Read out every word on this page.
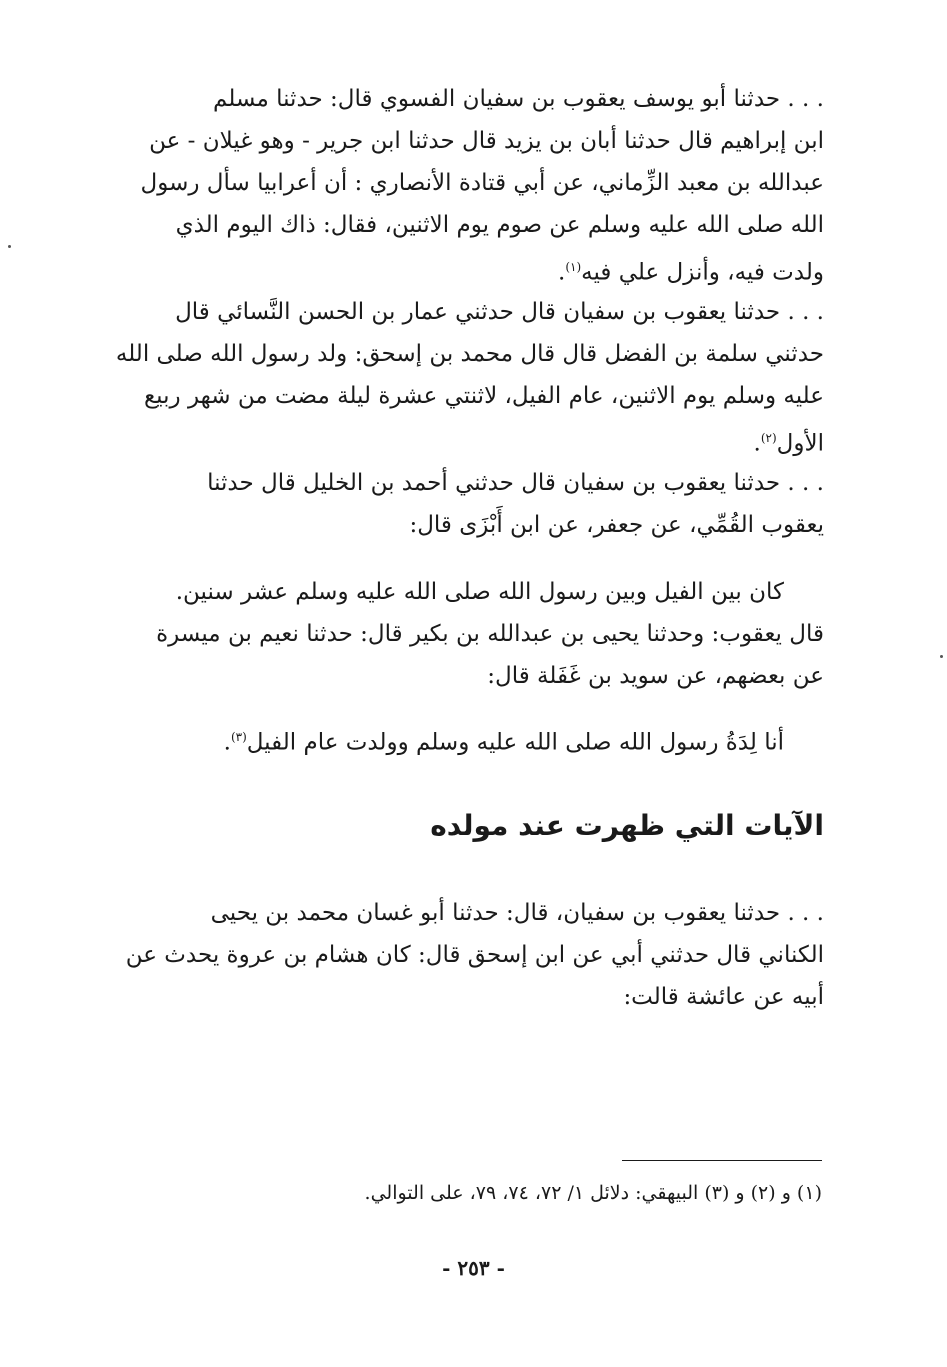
. . . حدثنا أبو يوسف يعقوب بن سفيان الفسوي قال: حدثنا مسلم
ابن إبراهيم قال حدثنا أبان بن يزيد قال حدثنا ابن جرير - وهو غيلان - عن
عبدالله بن معبد الزِّماني، عن أبي قتادة الأنصاري : أن أعرابيا سأل رسول
الله صلى الله عليه وسلم عن صوم يوم الاثنين، فقال: ذاك اليوم الذي
ولدت فيه، وأنزل علي فيه$^{(١)}$.
. . . حدثنا يعقوب بن سفيان قال حدثني عمار بن الحسن النَّسائي قال
حدثني سلمة بن الفضل قال قال محمد بن إسحق: ولد رسول الله صلى الله
عليه وسلم يوم الاثنين، عام الفيل، لاثنتي عشرة ليلة مضت من شهر ربيع
الأول$^{(٢)}$.
. . . حدثنا يعقوب بن سفيان قال حدثني أحمد بن الخليل قال حدثنا
يعقوب القُمِّي، عن جعفر، عن ابن أَبْزَى قال:
كان بين الفيل وبين رسول الله صلى الله عليه وسلم عشر سنين.
قال يعقوب: وحدثنا يحيى بن عبدالله بن بكير قال: حدثنا نعيم بن ميسرة
عن بعضهم، عن سويد بن غَفَلة قال:
أنا لِدَةُ رسول الله صلى الله عليه وسلم وولدت عام الفيل$^{(٣)}$.
الآيات التي ظهرت عند مولده
. . . حدثنا يعقوب بن سفيان، قال: حدثنا أبو غسان محمد بن يحيى
الكناني قال حدثني أبي عن ابن إسحق قال: كان هشام بن عروة يحدث عن
أبيه عن عائشة قالت:
(١) و (٢) و (٣) البيهقي: دلائل ١/ ٧٢، ٧٤، ٧٩، على التوالي.
- ٢٥٣ -
